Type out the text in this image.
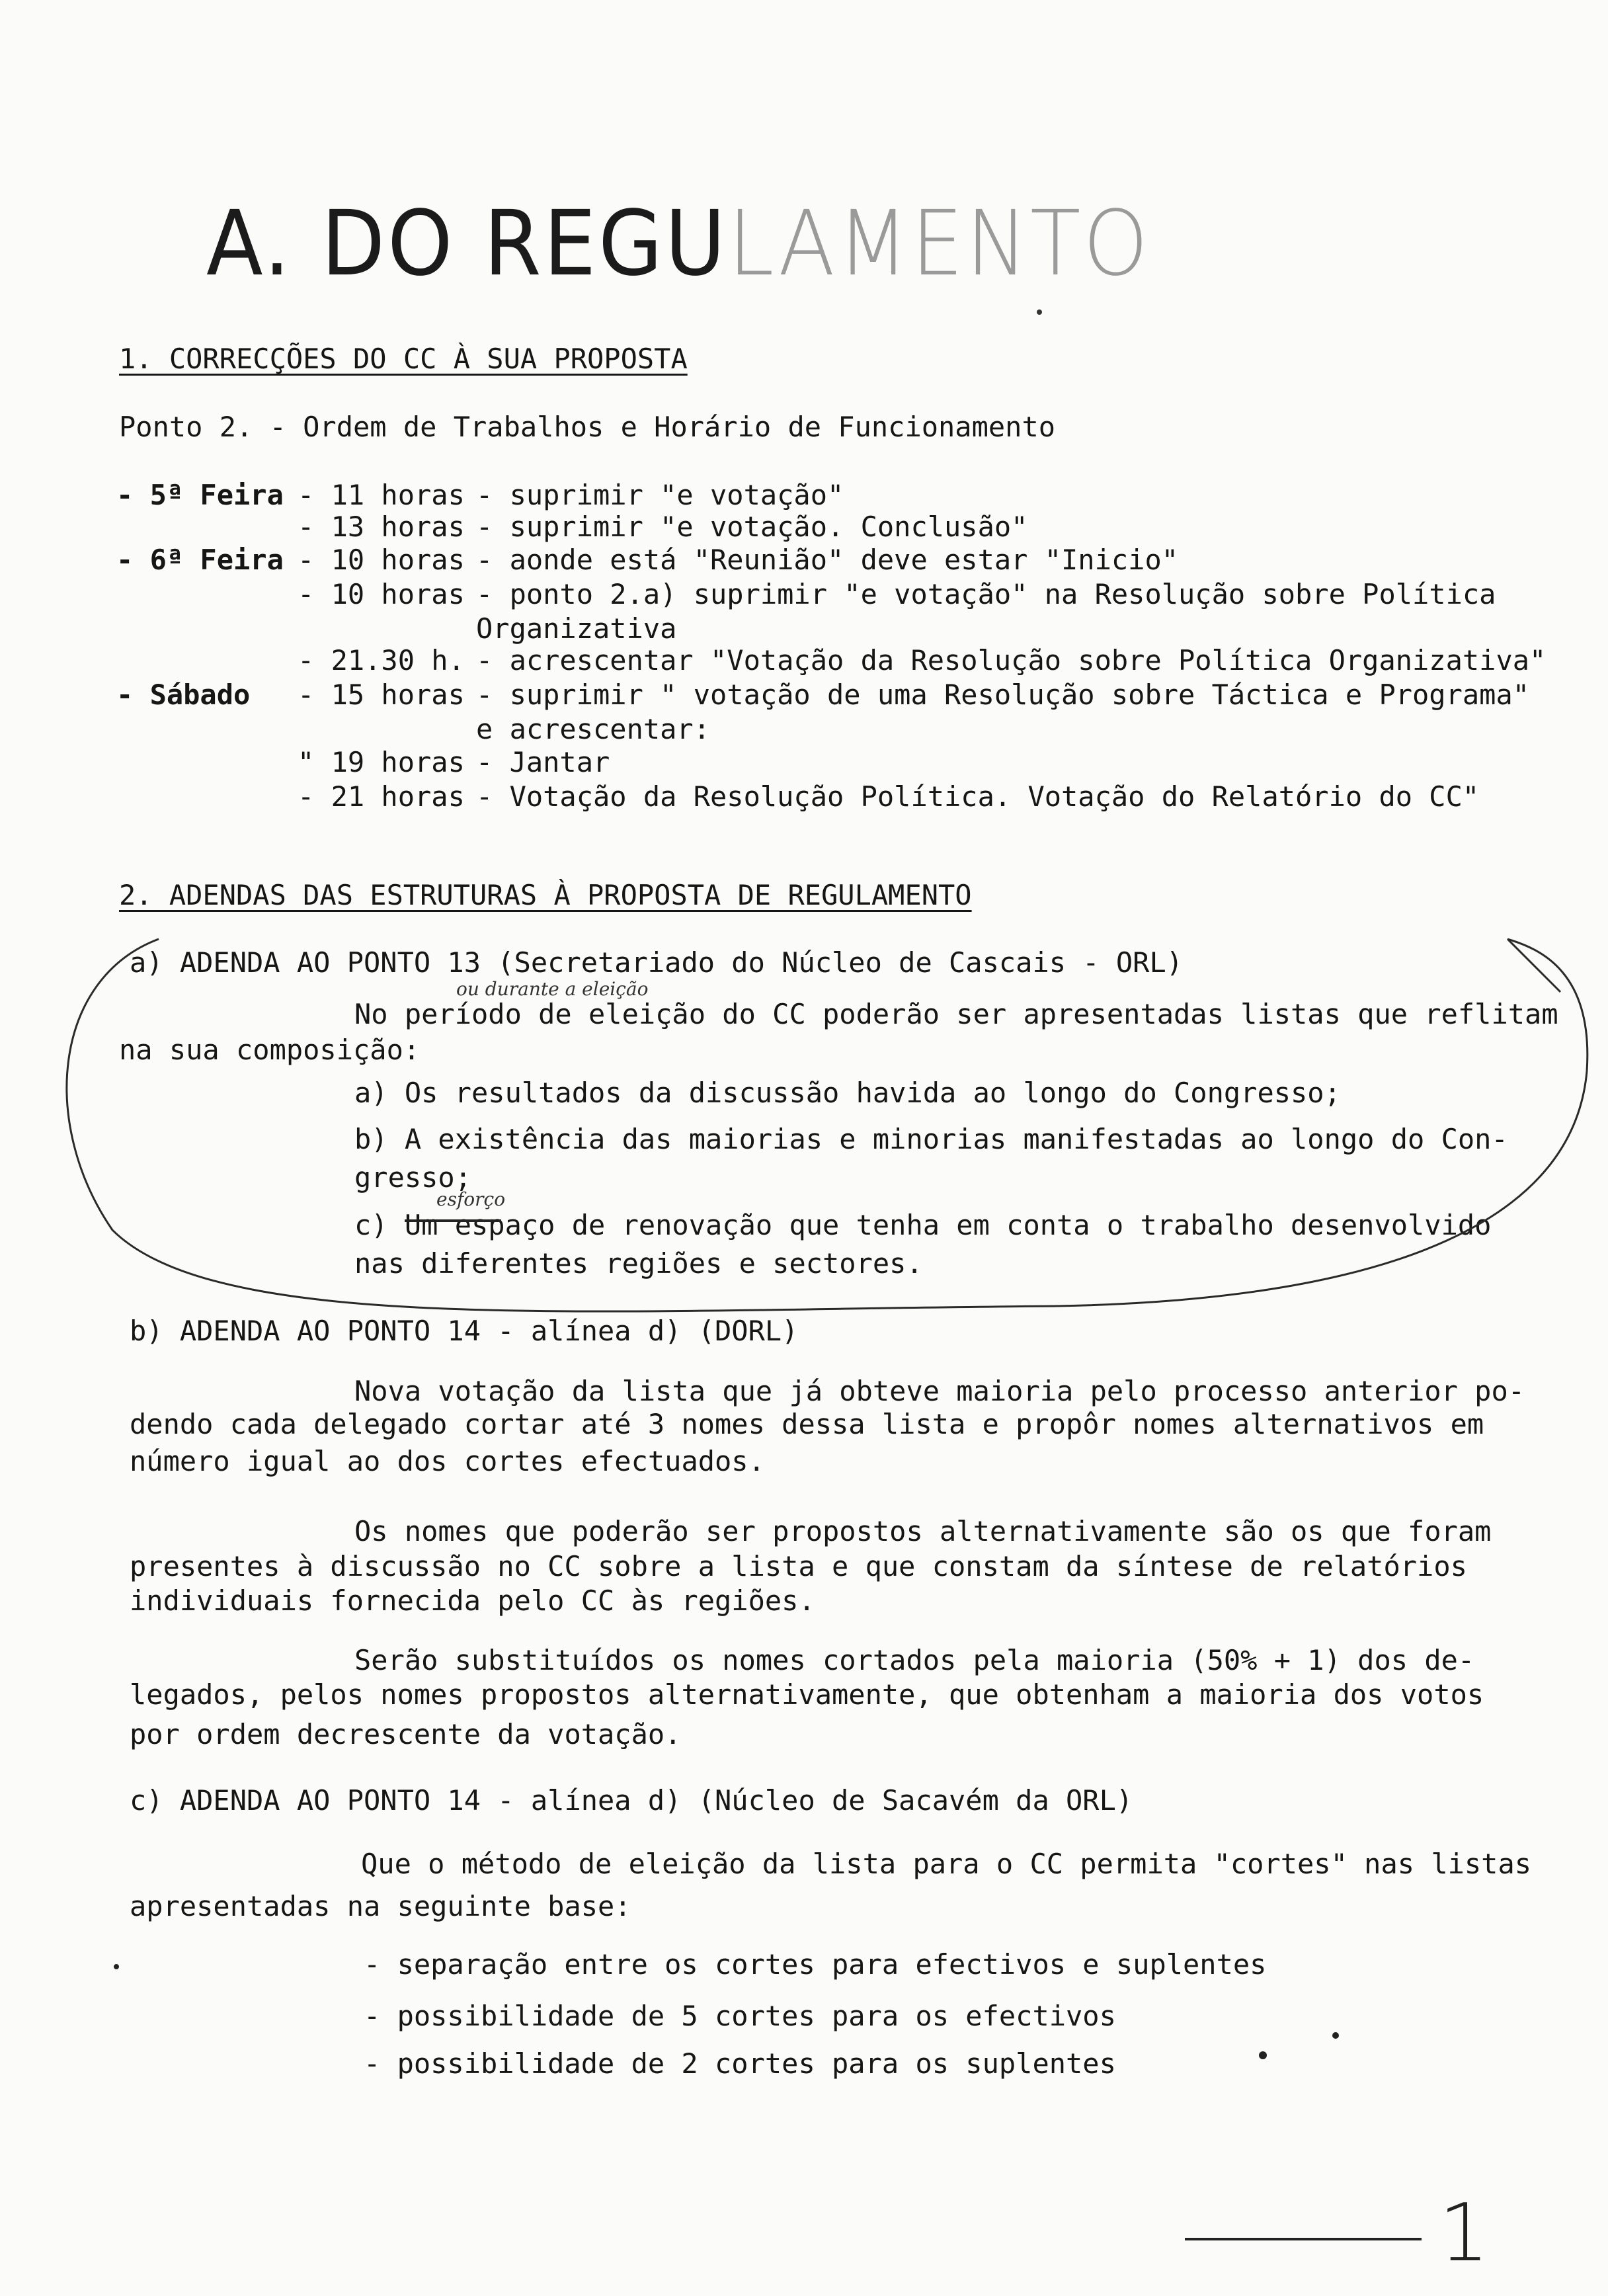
A. DO REGULAMENTO
1. CORRECÇÕES DO CC À SUA PROPOSTA
Ponto 2. - Ordem de Trabalhos e Horário de Funcionamento
- 5ª Feira - 11 horas - suprimir "e votação"
- 13 horas - suprimir "e votação. Conclusão"
- 6ª Feira - 10 horas - aonde está "Reunião" deve estar "Inicio"
- 10 horas - ponto 2.a) suprimir "e votação" na Resolução sobre Política
Organizativa
- 21.30 h. - acrescentar "Votação da Resolução sobre Política Organizativa"
- Sábado - 15 horas - suprimir " votação de uma Resolução sobre Táctica e Programa"
e acrescentar:
" 19 horas - Jantar
- 21 horas - Votação da Resolução Política. Votação do Relatório do CC"
2. ADENDAS DAS ESTRUTURAS À PROPOSTA DE REGULAMENTO
a) ADENDA AO PONTO 13 (Secretariado do Núcleo de Cascais - ORL)
ou durante a eleição
No período de eleição do CC poderão ser apresentadas listas que reflitam
na sua composição:
a) Os resultados da discussão havida ao longo do Congresso;
b) A existência das maiorias e minorias manifestadas ao longo do Con-
gresso;
esforço
c) Um espaço de renovação que tenha em conta o trabalho desenvolvido
nas diferentes regiões e sectores.
b) ADENDA AO PONTO 14 - alínea d) (DORL)
Nova votação da lista que já obteve maioria pelo processo anterior po-
dendo cada delegado cortar até 3 nomes dessa lista e propôr nomes alternativos em
número igual ao dos cortes efectuados.
Os nomes que poderão ser propostos alternativamente são os que foram
presentes à discussão no CC sobre a lista e que constam da síntese de relatórios
individuais fornecida pelo CC às regiões.
Serão substituídos os nomes cortados pela maioria (50% + 1) dos de-
legados, pelos nomes propostos alternativamente, que obtenham a maioria dos votos
por ordem decrescente da votação.
c) ADENDA AO PONTO 14 - alínea d) (Núcleo de Sacavém da ORL)
Que o método de eleição da lista para o CC permita "cortes" nas listas
apresentadas na seguinte base:
- separação entre os cortes para efectivos e suplentes
- possibilidade de 5 cortes para os efectivos
- possibilidade de 2 cortes para os suplentes
1
